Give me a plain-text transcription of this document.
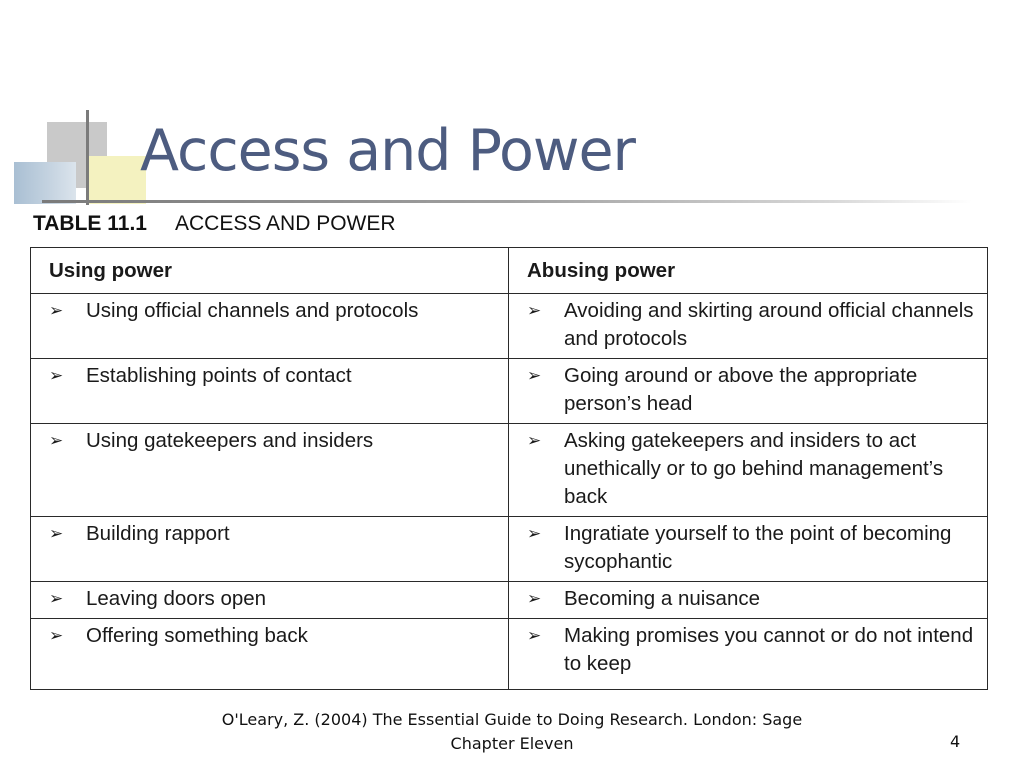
Access and Power
TABLE 11.1 ACCESS AND POWER
Using power	Abusing power

➢ Using official channels and protocols	➢ Avoiding and skirting around official channels and protocols

➢ Establishing points of contact	➢ Going around or above the appropriate person’s head

➢ Using gatekeepers and insiders	➢ Asking gatekeepers and insiders to act unethically or to go behind management’s back

➢ Building rapport	➢ Ingratiate yourself to the point of becoming sycophantic

➢ Leaving doors open	➢ Becoming a nuisance

➢ Offering something back	➢ Making promises you cannot or do not intend to keep
O'Leary, Z. (2004) The Essential Guide to Doing Research. London: Sage
Chapter Eleven	4
